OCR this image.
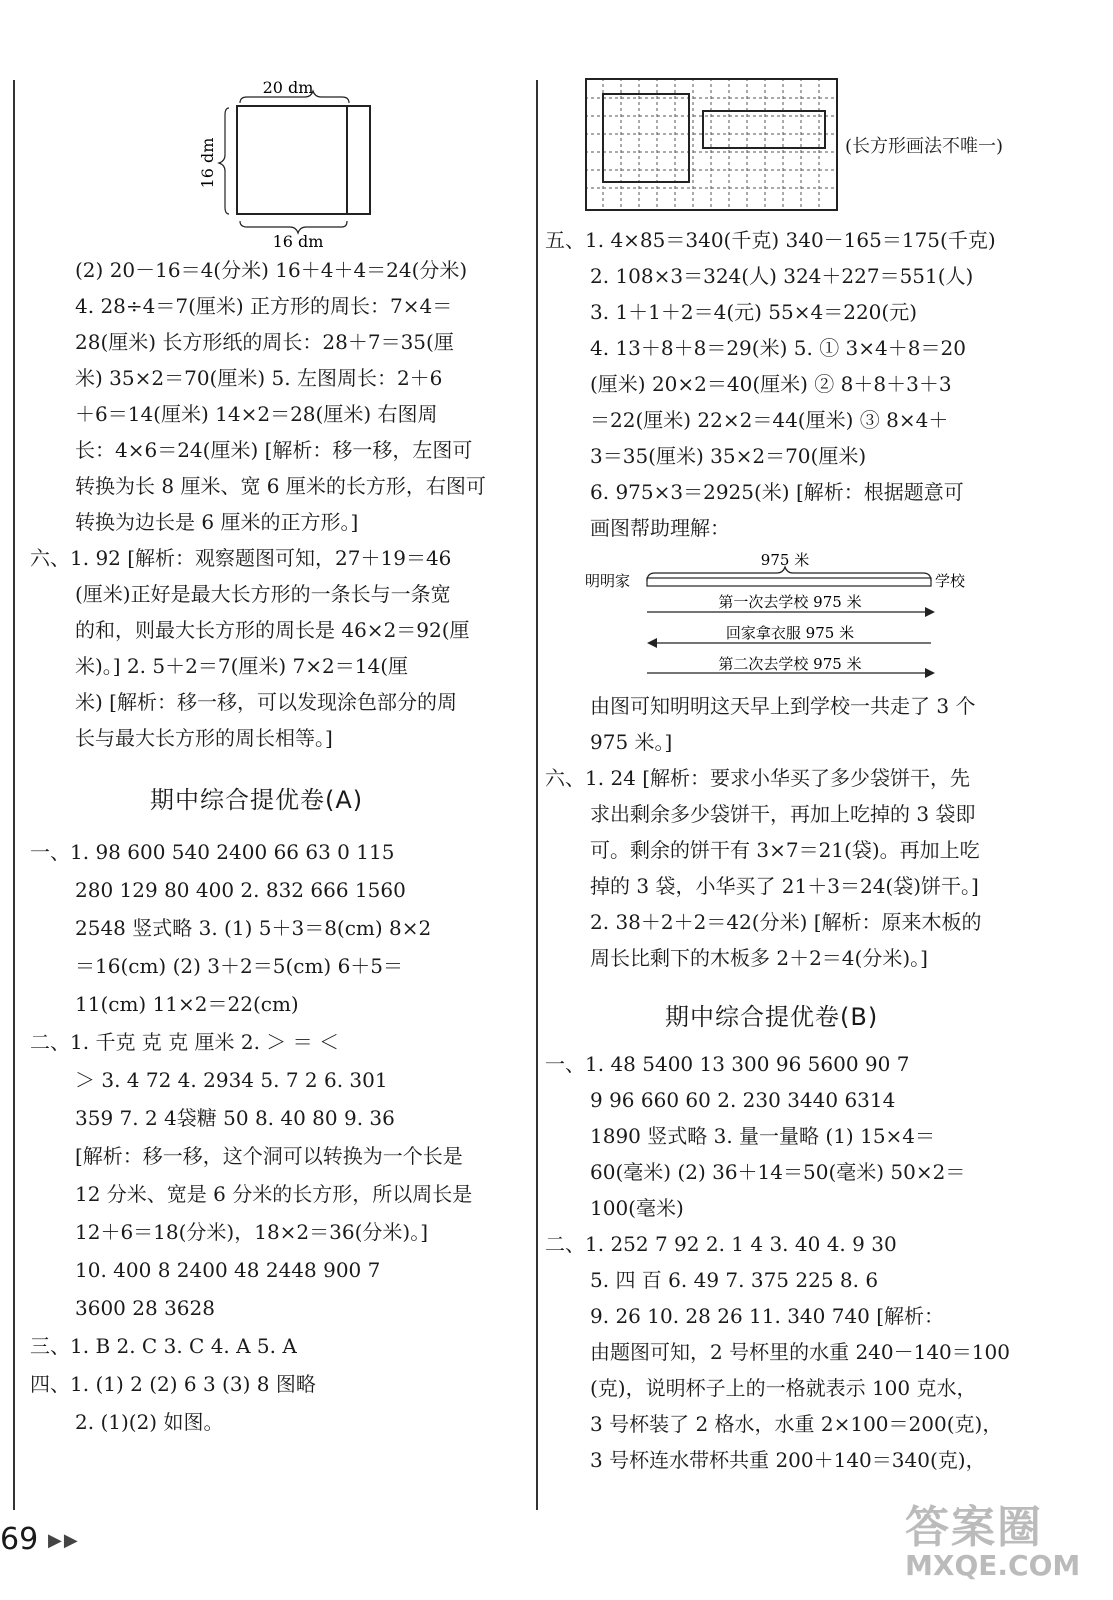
20 dm
16 dm
16 dm
(2) 20－16＝4(分米) 16＋4＋4＝24(分米)
4. 28÷4＝7(厘米) 正方形的周长：7×4＝
28(厘米) 长方形纸的周长：28＋7＝35(厘
米) 35×2＝70(厘米) 5. 左图周长：2＋6
＋6＝14(厘米) 14×2＝28(厘米) 右图周
长：4×6＝24(厘米) [解析：移一移，左图可
转换为长 8 厘米、宽 6 厘米的长方形，右图可
转换为边长是 6 厘米的正方形。]
六、1. 92 [解析：观察题图可知，27＋19＝46
(厘米)正好是最大长方形的一条长与一条宽
的和，则最大长方形的周长是 46×2＝92(厘
米)。] 2. 5＋2＝7(厘米) 7×2＝14(厘
米) [解析：移一移，可以发现涂色部分的周
长与最大长方形的周长相等。]
期中综合提优卷(A)
一、1. 98 600 540 2400 66 63 0 115
280 129 80 400 2. 832 666 1560
2548 竖式略 3. (1) 5＋3＝8(cm) 8×2
＝16(cm) (2) 3＋2＝5(cm) 6＋5＝
11(cm) 11×2＝22(cm)
二、1. 千克 克 克 厘米 2. ＞ ＝ ＜
＞ 3. 4 72 4. 2934 5. 7 2 6. 301
359 7. 2 4袋糖 50 8. 40 80 9. 36
[解析：移一移，这个洞可以转换为一个长是
12 分米、宽是 6 分米的长方形，所以周长是
12＋6＝18(分米)，18×2＝36(分米)。]
10. 400 8 2400 48 2448 900 7
3600 28 3628
三、1. B 2. C 3. C 4. A 5. A
四、1. (1) 2 (2) 6 3 (3) 8 图略
2. (1)(2) 如图。
(长方形画法不唯一)
五、1. 4×85＝340(千克) 340－165＝175(千克)
2. 108×3＝324(人) 324＋227＝551(人)
3. 1＋1＋2＝4(元) 55×4＝220(元)
4. 13＋8＋8＝29(米) 5. ① 3×4＋8＝20
(厘米) 20×2＝40(厘米) ② 8＋8＋3＋3
＝22(厘米) 22×2＝44(厘米) ③ 8×4＋
3＝35(厘米) 35×2＝70(厘米)
6. 975×3＝2925(米) [解析：根据题意可
画图帮助理解：
975 米
明明家	学校
第一次去学校 975 米
回家拿衣服 975 米
第二次去学校 975 米
由图可知明明这天早上到学校一共走了 3 个
975 米。]
六、1. 24 [解析：要求小华买了多少袋饼干，先
求出剩余多少袋饼干，再加上吃掉的 3 袋即
可。剩余的饼干有 3×7＝21(袋)。再加上吃
掉的 3 袋，小华买了 21＋3＝24(袋)饼干。]
2. 38＋2＋2＝42(分米) [解析：原来木板的
周长比剩下的木板多 2＋2＝4(分米)。]
期中综合提优卷(B)
一、1. 48 5400 13 300 96 5600 90 7
9 96 660 60 2. 230 3440 6314
1890 竖式略 3. 量一量略 (1) 15×4＝
60(毫米) (2) 36＋14＝50(毫米) 50×2＝
100(毫米)
二、1. 252 7 92 2. 1 4 3. 40 4. 9 30
5. 四 百 6. 49 7. 375 225 8. 6
9. 26 10. 28 26 11. 340 740 [解析：
由题图可知，2 号杯里的水重 240－140＝100
(克)，说明杯子上的一格就表示 100 克水，
3 号杯装了 2 格水，水重 2×100＝200(克)，
3 号杯连水带杯共重 200＋140＝340(克)，
69 ▶▶	答案圈
MXQE.COM
